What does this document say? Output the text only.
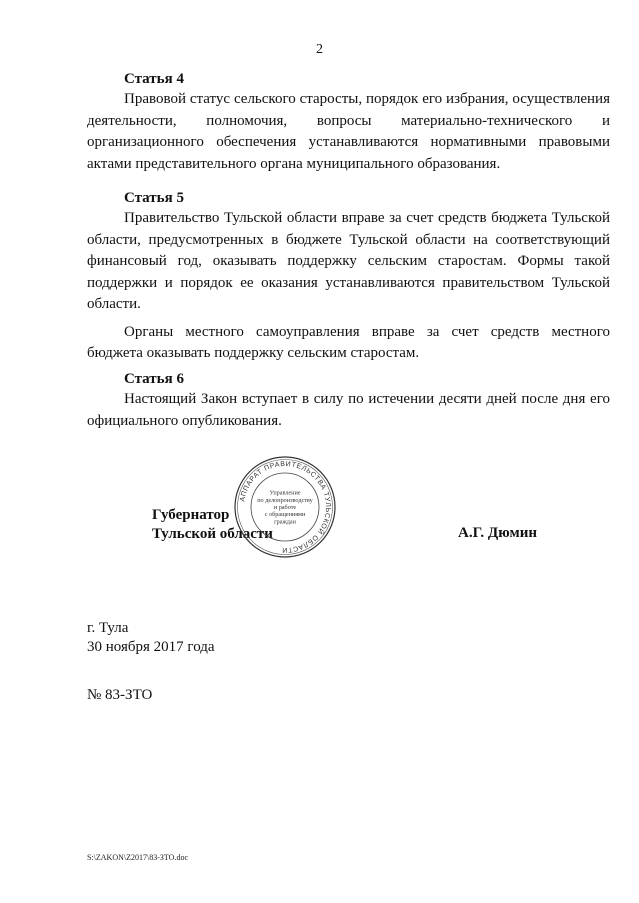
2
Статья 4

Правовой статус сельского старосты, порядок его избрания, осуществления деятельности, полномочия, вопросы материально-технического и организационного обеспечения устанавливаются нормативными правовыми актами представительного органа муниципального образования.

Статья 5

Правительство Тульской области вправе за счет средств бюджета Тульской области, предусмотренных в бюджете Тульской области на соответствующий финансовый год, оказывать поддержку сельским старостам. Формы такой поддержки и порядок ее оказания устанавливаются правительством Тульской области.

Органы местного самоуправления вправе за счет средств местного бюджета оказывать поддержку сельским старостам.

Статья 6

Настоящий Закон вступает в силу по истечении десяти дней после дня его официального опубликования.

Губернатор
Тульской области	А.Г. Дюмин
АППАРАТ ПРАВИТЕЛЬСТВА ТУЛЬСКОЙ ОБЛАСТИ
Управление
по делопроизводству
и работе
с обращениями
граждан
г. Тула
30 ноября 2017 года
№ 83-ЗТО
S:\ZAKON\Z2017\83-ЗТО.doc
